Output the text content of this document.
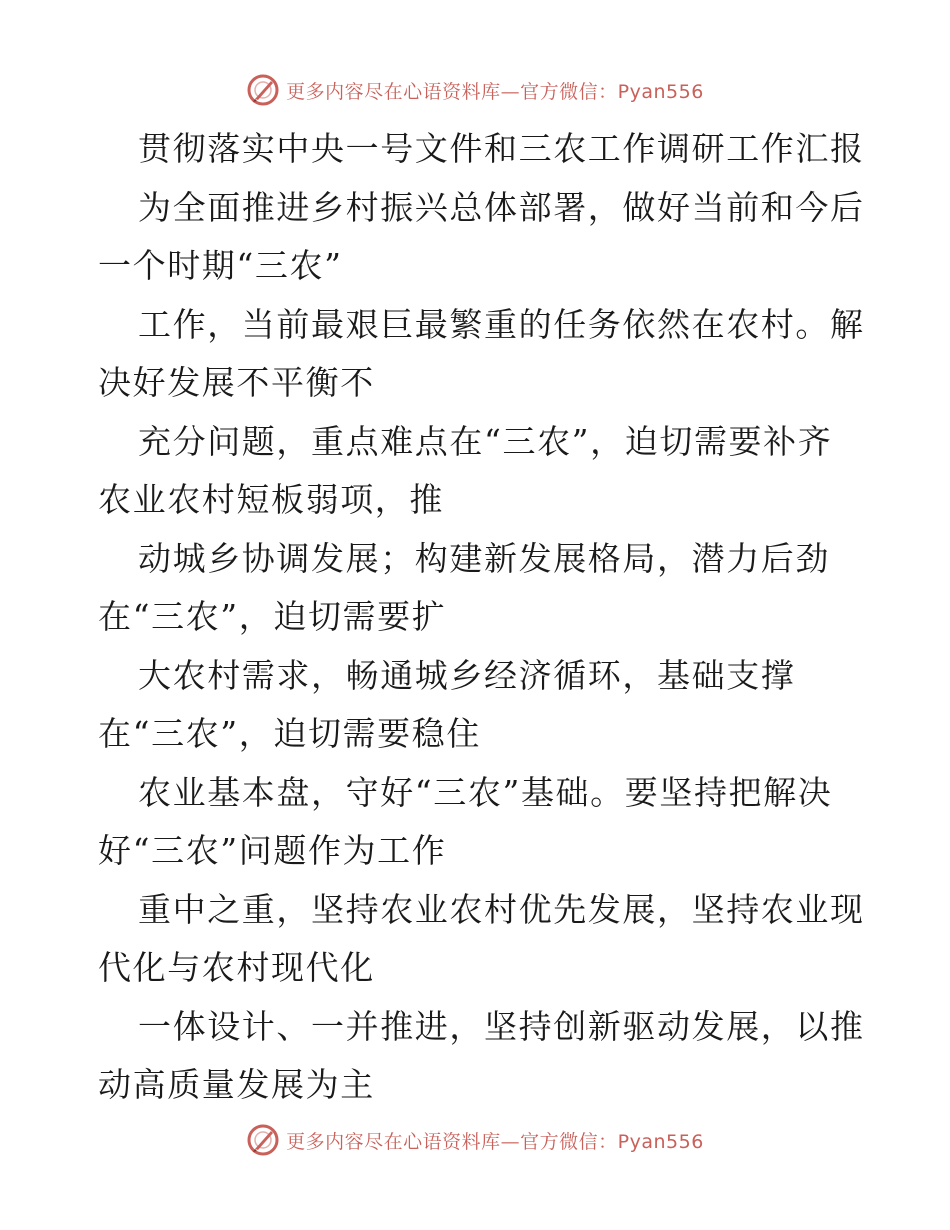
更多内容尽在心语资料库—官方微信：Pyan556
贯彻落实中央一号文件和三农工作调研工作汇报
为全面推进乡村振兴总体部署，做好当前和今后
一个时期“三农”
工作，当前最艰巨最繁重的任务依然在农村。解
决好发展不平衡不
充分问题，重点难点在“三农”，迫切需要补齐
农业农村短板弱项，推
动城乡协调发展；构建新发展格局，潜力后劲
在“三农”，迫切需要扩
大农村需求，畅通城乡经济循环，基础支撑
在“三农”，迫切需要稳住
农业基本盘，守好“三农”基础。要坚持把解决
好“三农”问题作为工作
重中之重，坚持农业农村优先发展，坚持农业现
代化与农村现代化
一体设计、一并推进，坚持创新驱动发展，以推
动高质量发展为主
更多内容尽在心语资料库—官方微信：Pyan556
